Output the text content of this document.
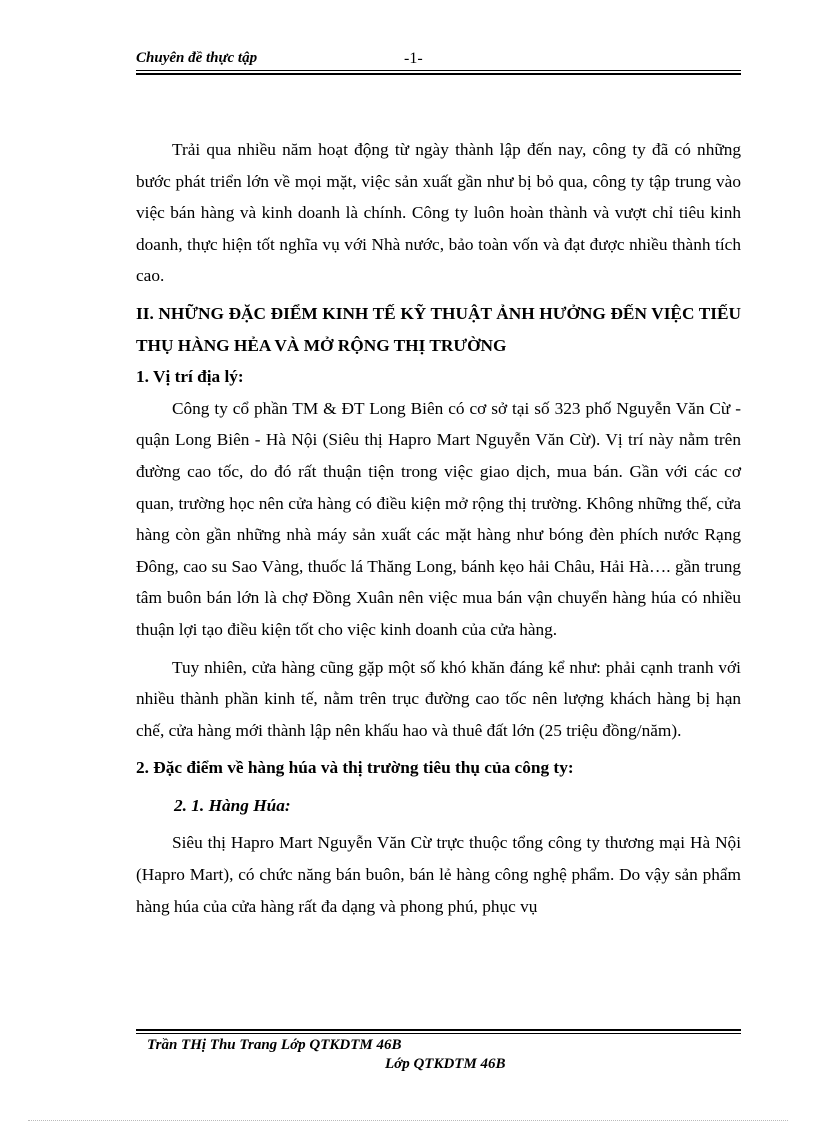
Chuyên đề thực tập	-1-

Trải qua nhiều năm hoạt động từ ngày thành lập đến nay, công ty đã có những bước phát triển lớn về mọi mặt, việc sản xuất gần như bị bỏ qua, công ty tập trung vào việc bán hàng và kinh doanh là chính. Công ty luôn hoàn thành và vượt chỉ tiêu kinh doanh, thực hiện tốt nghĩa vụ với Nhà nước, bảo toàn vốn và đạt được nhiều thành tích cao.

II. NHỮNG ĐẶC ĐIỂM KINH TẾ KỸ THUẬT ẢNH HƯỞNG ĐẾN VIỆC TIẾU THỤ HÀNG HẺA VÀ MỞ RỘNG THỊ TRƯỜNG
1. Vị trí địa lý:

Công ty cổ phần TM & ĐT Long Biên có cơ sở tại số 323 phố Nguyễn Văn Cừ - quận Long Biên - Hà Nội (Siêu thị Hapro Mart Nguyễn Văn Cừ). Vị trí này nằm trên đường cao tốc, do đó rất thuận tiện trong việc giao dịch, mua bán. Gần với các cơ quan, trường học nên cửa hàng có điều kiện mở rộng thị trường. Không những thế, cửa hàng còn gần những nhà máy sản xuất các mặt hàng như bóng đèn phích nước Rạng Đông, cao su Sao Vàng, thuốc lá Thăng Long, bánh kẹo hải Châu, Hải Hà…. gần trung tâm buôn bán lớn là chợ Đồng Xuân nên việc mua bán vận chuyển hàng húa có nhiều thuận lợi tạo điều kiện tốt cho việc kinh doanh của cửa hàng.

Tuy nhiên, cửa hàng cũng gặp một số khó khăn đáng kể như: phải cạnh tranh với nhiều thành phần kinh tế, nằm trên trục đường cao tốc nên lượng khách hàng bị hạn chế, cửa hàng mới thành lập nên khấu hao và thuê đất lớn (25 triệu đồng/năm).

2. Đặc điểm về hàng húa và thị trường tiêu thụ của công ty:
2. 1. Hàng Húa:

Siêu thị Hapro Mart Nguyễn Văn Cừ trực thuộc tổng công ty thương mại Hà Nội (Hapro Mart), có chức năng bán buôn, bán lẻ hàng công nghệ phẩm. Do vậy sản phẩm hàng húa của cửa hàng rất đa dạng và phong phú, phục vụ

Trần THị Thu Trang Lớp QTKDTM 46B
Lớp QTKDTM 46B
